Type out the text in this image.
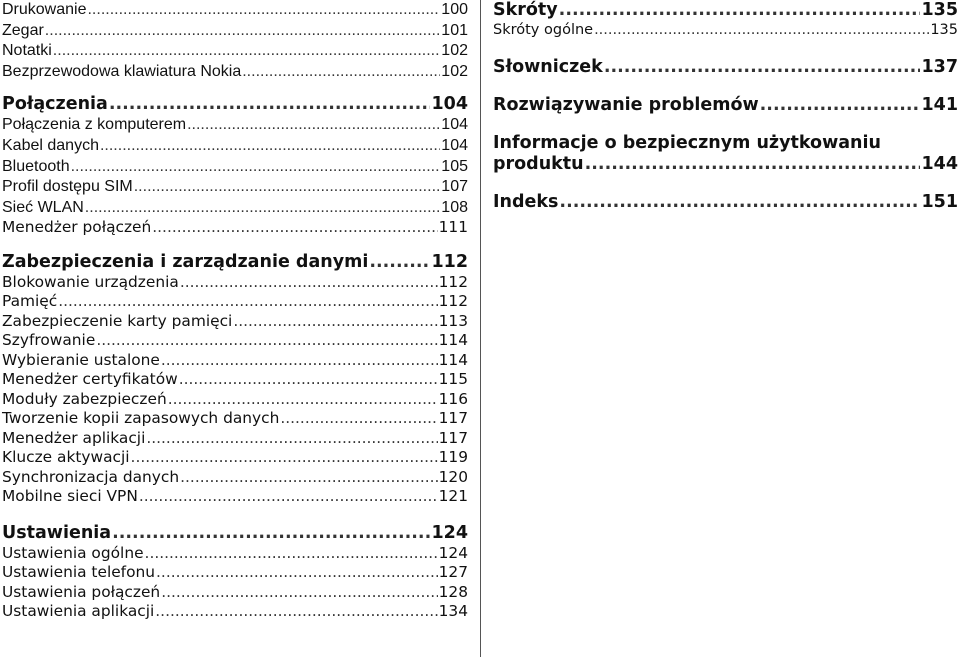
Drukowanie .....	100
Zegar .....	101
Notatki .....	102
Bezprzewodowa klawiatura Nokia .....	102
Połączenia .....	104
Połączenia z komputerem .....	104
Kabel danych .....	104
Bluetooth .....	105
Profil dostępu SIM .....	107
Sieć WLAN .....	108
Menedżer połączeń .....	111
Zabezpieczenia i zarządzanie danymi .....	112
Blokowanie urządzenia .....	112
Pamięć .....	112
Zabezpieczenie karty pamięci .....	113
Szyfrowanie .....	114
Wybieranie ustalone .....	114
Menedżer certyfikatów .....	115
Moduły zabezpieczeń .....	116
Tworzenie kopii zapasowych danych .....	117
Menedżer aplikacji .....	117
Klucze aktywacji .....	119
Synchronizacja danych .....	120
Mobilne sieci VPN .....	121
Ustawienia .....	124
Ustawienia ogólne .....	124
Ustawienia telefonu .....	127
Ustawienia połączeń .....	128
Ustawienia aplikacji .....	134
Skróty .....	135
Skróty ogólne .....	135
Słowniczek .....	137
Rozwiązywanie problemów .....	141
Informacje o bezpiecznym użytkowaniu
produktu .....	144
Indeks .....	151
